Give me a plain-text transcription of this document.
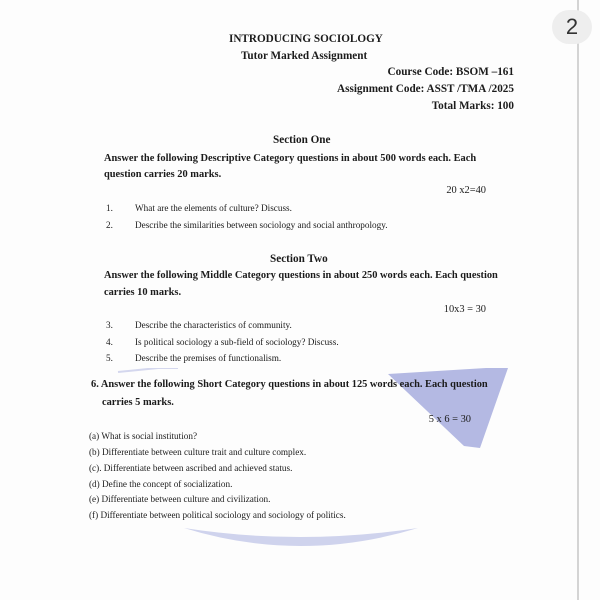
2
INTRODUCING SOCIOLOGY
Tutor Marked Assignment
Course Code: BSOM –161
Assignment Code: ASST /TMA /2025
Total Marks: 100
Section One
Answer the following Descriptive Category questions in about 500 words each. Each
question carries 20 marks.
20 x2=40
1. What are the elements of culture? Discuss.
2. Describe the similarities between sociology and social anthropology.
Section Two
Answer the following Middle Category questions in about 250 words each. Each question
carries 10 marks.
10x3 = 30
3. Describe the characteristics of community.
4. Is political sociology a sub-field of sociology? Discuss.
5. Describe the premises of functionalism.
6. Answer the following Short Category questions in about 125 words each. Each question
carries 5 marks.
5 x 6 = 30
(a) What is social institution?
(b) Differentiate between culture trait and culture complex.
(c). Differentiate between ascribed and achieved status.
(d) Define the concept of socialization.
(e) Differentiate between culture and civilization.
(f) Differentiate between political sociology and sociology of politics.
